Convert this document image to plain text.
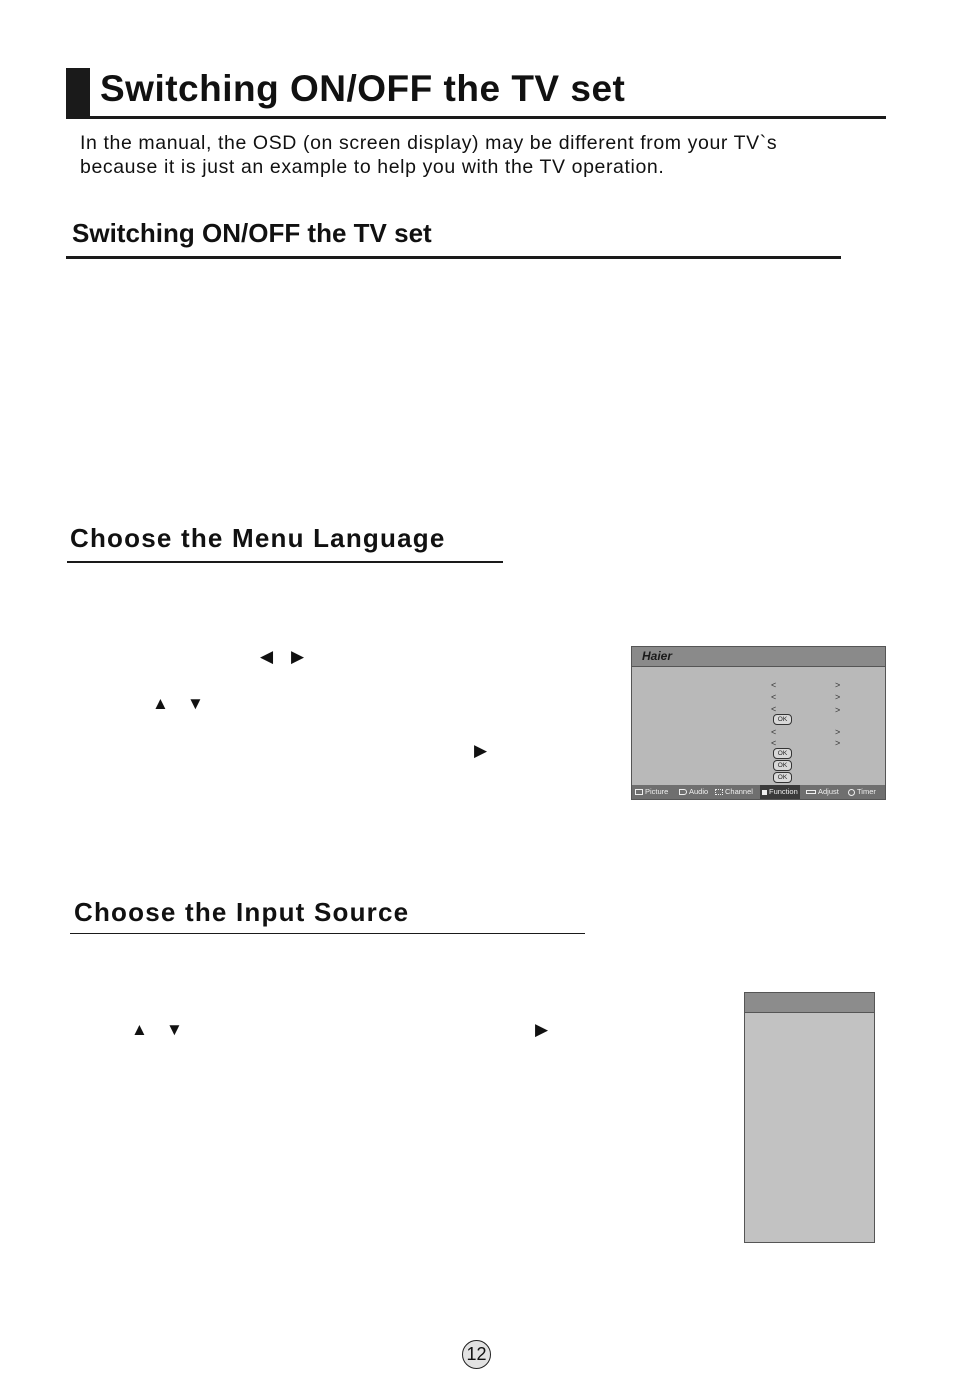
Switching ON/OFF the TV set
In the manual, the OSD (on screen display) may be different from your TV`s
because it is just an example to help you with the TV operation.
Switching ON/OFF the TV set
Choose the Menu Language
◀ ▶
▲ ▼
▶
Haier
<	>
<	>
<	>
OK
<	>
<	>
OK
OK
OK
Picture	Audio	Channel	Function	Adjust	Timer
Choose the Input Source
▲ ▼	▶
12
